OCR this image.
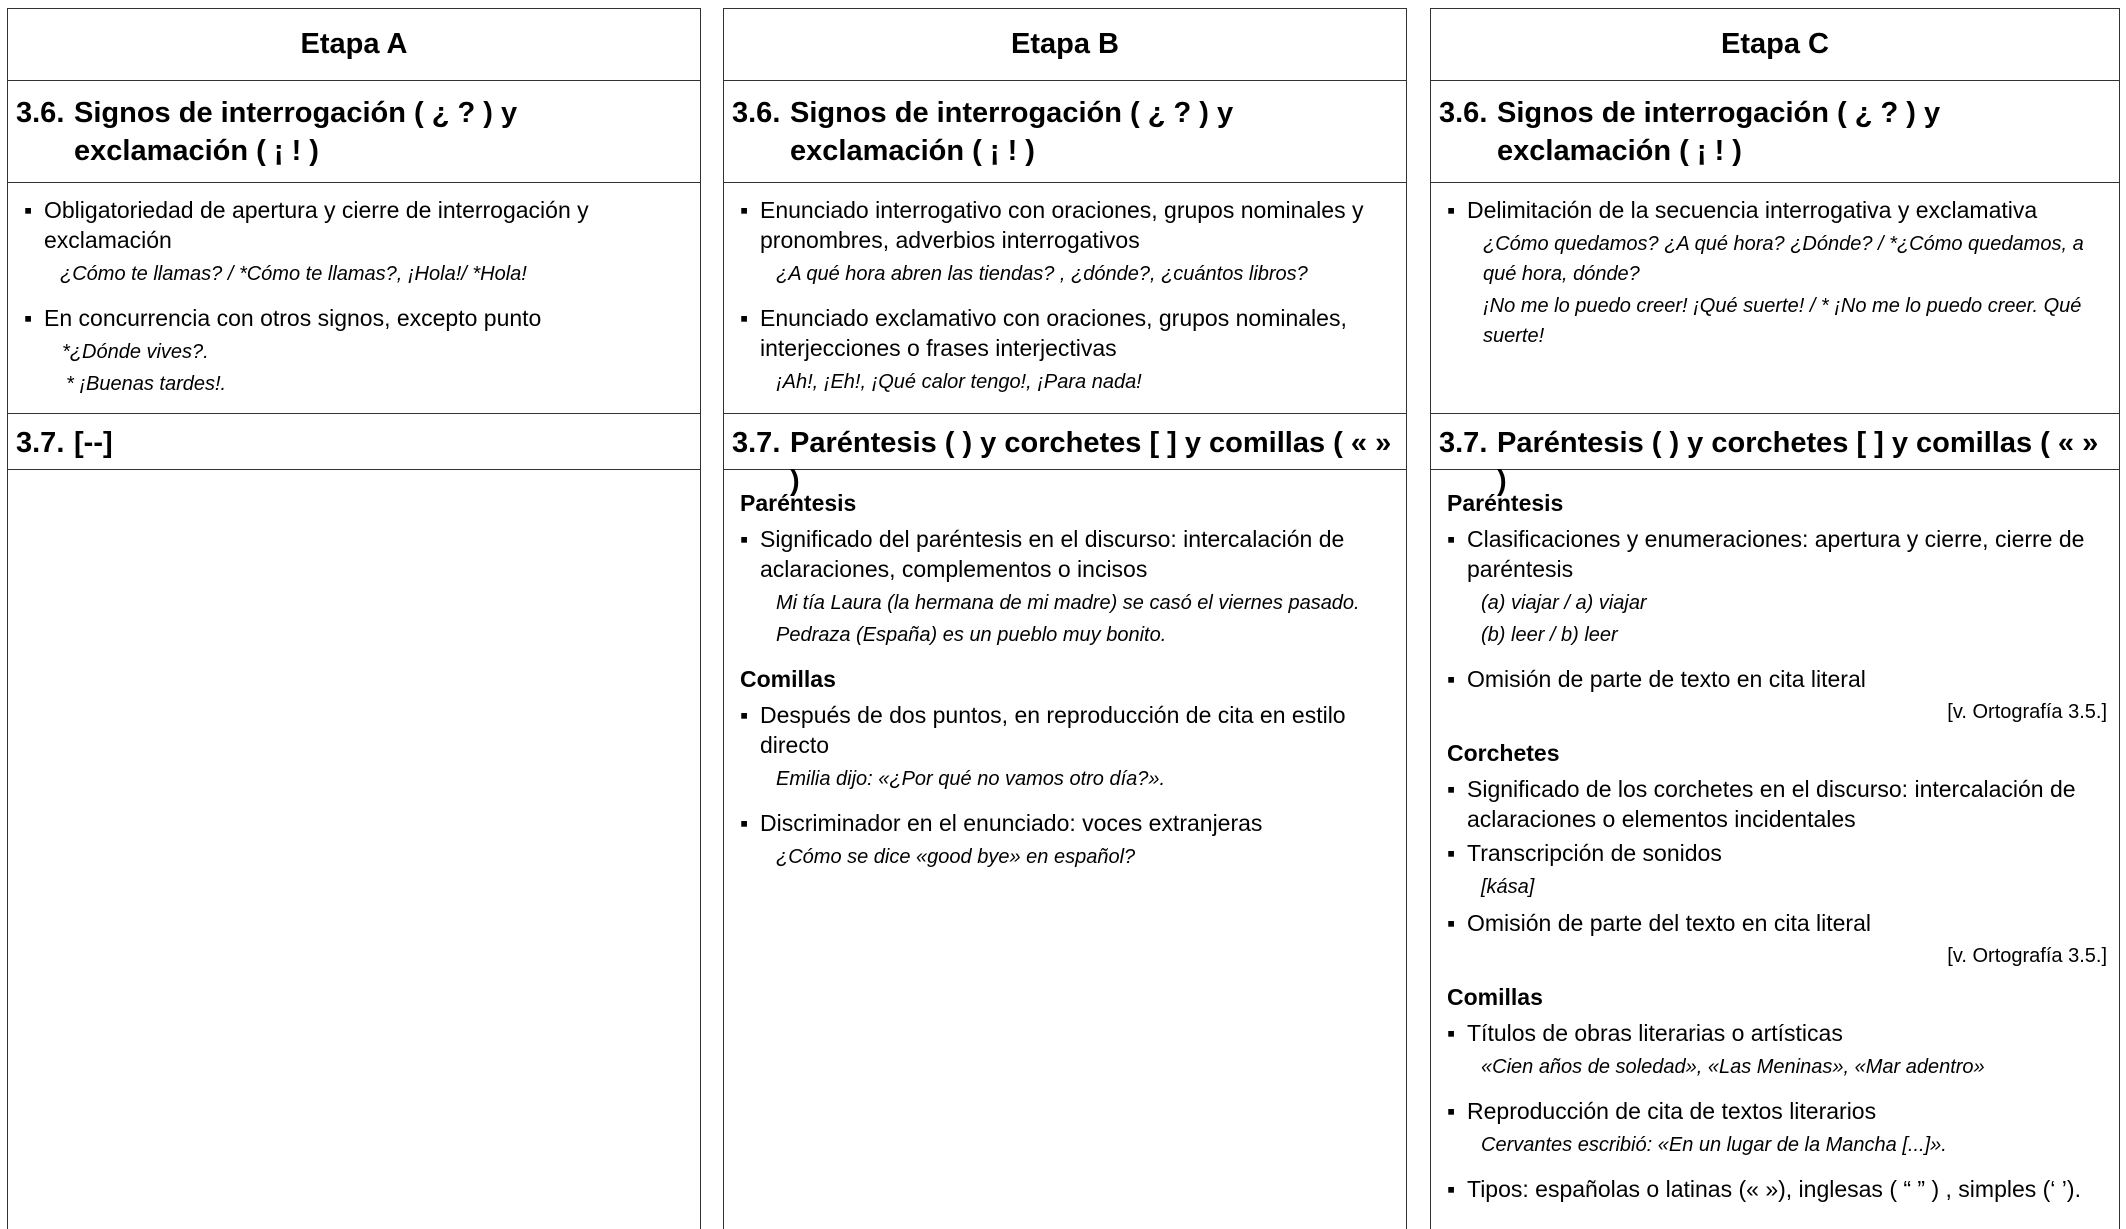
Etapa A
3.6. Signos de interrogación ( ¿ ? ) y exclamación ( ¡ ! )
▪ Obligatoriedad de apertura y cierre de interrogación y exclamación
¿Cómo te llamas? / *Cómo te llamas?, ¡Hola!/ *Hola!
▪ En concurrencia con otros signos, excepto punto
*¿Dónde vives?.
* ¡Buenas tardes!.
3.7. [--]
Etapa B
3.6. Signos de interrogación ( ¿ ? ) y exclamación ( ¡ ! )
▪ Enunciado interrogativo con oraciones, grupos nominales y pronombres, adverbios interrogativos
¿A qué hora abren las tiendas? , ¿dónde?, ¿cuántos libros?
▪ Enunciado exclamativo con oraciones, grupos nominales, interjecciones o frases interjectivas
¡Ah!, ¡Eh!, ¡Qué calor tengo!, ¡Para nada!
3.7. Paréntesis ( ) y corchetes [ ] y comillas ( « » )
Paréntesis
▪ Significado del paréntesis en el discurso: intercalación de aclaraciones, complementos o incisos
Mi tía Laura (la hermana de mi madre) se casó el viernes pasado.
Pedraza (España) es un pueblo muy bonito.
Comillas
▪ Después de dos puntos, en reproducción de cita en estilo directo
Emilia dijo: «¿Por qué no vamos otro día?».
▪ Discriminador en el enunciado: voces extranjeras
¿Cómo se dice «good bye» en español?
Etapa C
3.6. Signos de interrogación ( ¿ ? ) y exclamación ( ¡ ! )
▪ Delimitación de la secuencia interrogativa y exclamativa
¿Cómo quedamos? ¿A qué hora? ¿Dónde? / *¿Cómo quedamos, a qué hora, dónde?
¡No me lo puedo creer! ¡Qué suerte! / * ¡No me lo puedo creer. Qué suerte!
3.7. Paréntesis ( ) y corchetes [ ] y comillas ( « » )
Paréntesis
▪ Clasificaciones y enumeraciones: apertura y cierre, cierre de paréntesis
(a) viajar / a) viajar
(b) leer / b) leer
▪ Omisión de parte de texto en cita literal
[v. Ortografía 3.5.]
Corchetes
▪ Significado de los corchetes en el discurso: intercalación de aclaraciones o elementos incidentales
▪ Transcripción de sonidos
[kása]
▪ Omisión de parte del texto en cita literal
[v. Ortografía 3.5.]
Comillas
▪ Títulos de obras literarias o artísticas
«Cien años de soledad», «Las Meninas», «Mar adentro»
▪ Reproducción de cita de textos literarios
Cervantes escribió: «En un lugar de la Mancha [...]».
▪ Tipos: españolas o latinas (« »), inglesas ( “ ” ) , simples (‘ ’).
